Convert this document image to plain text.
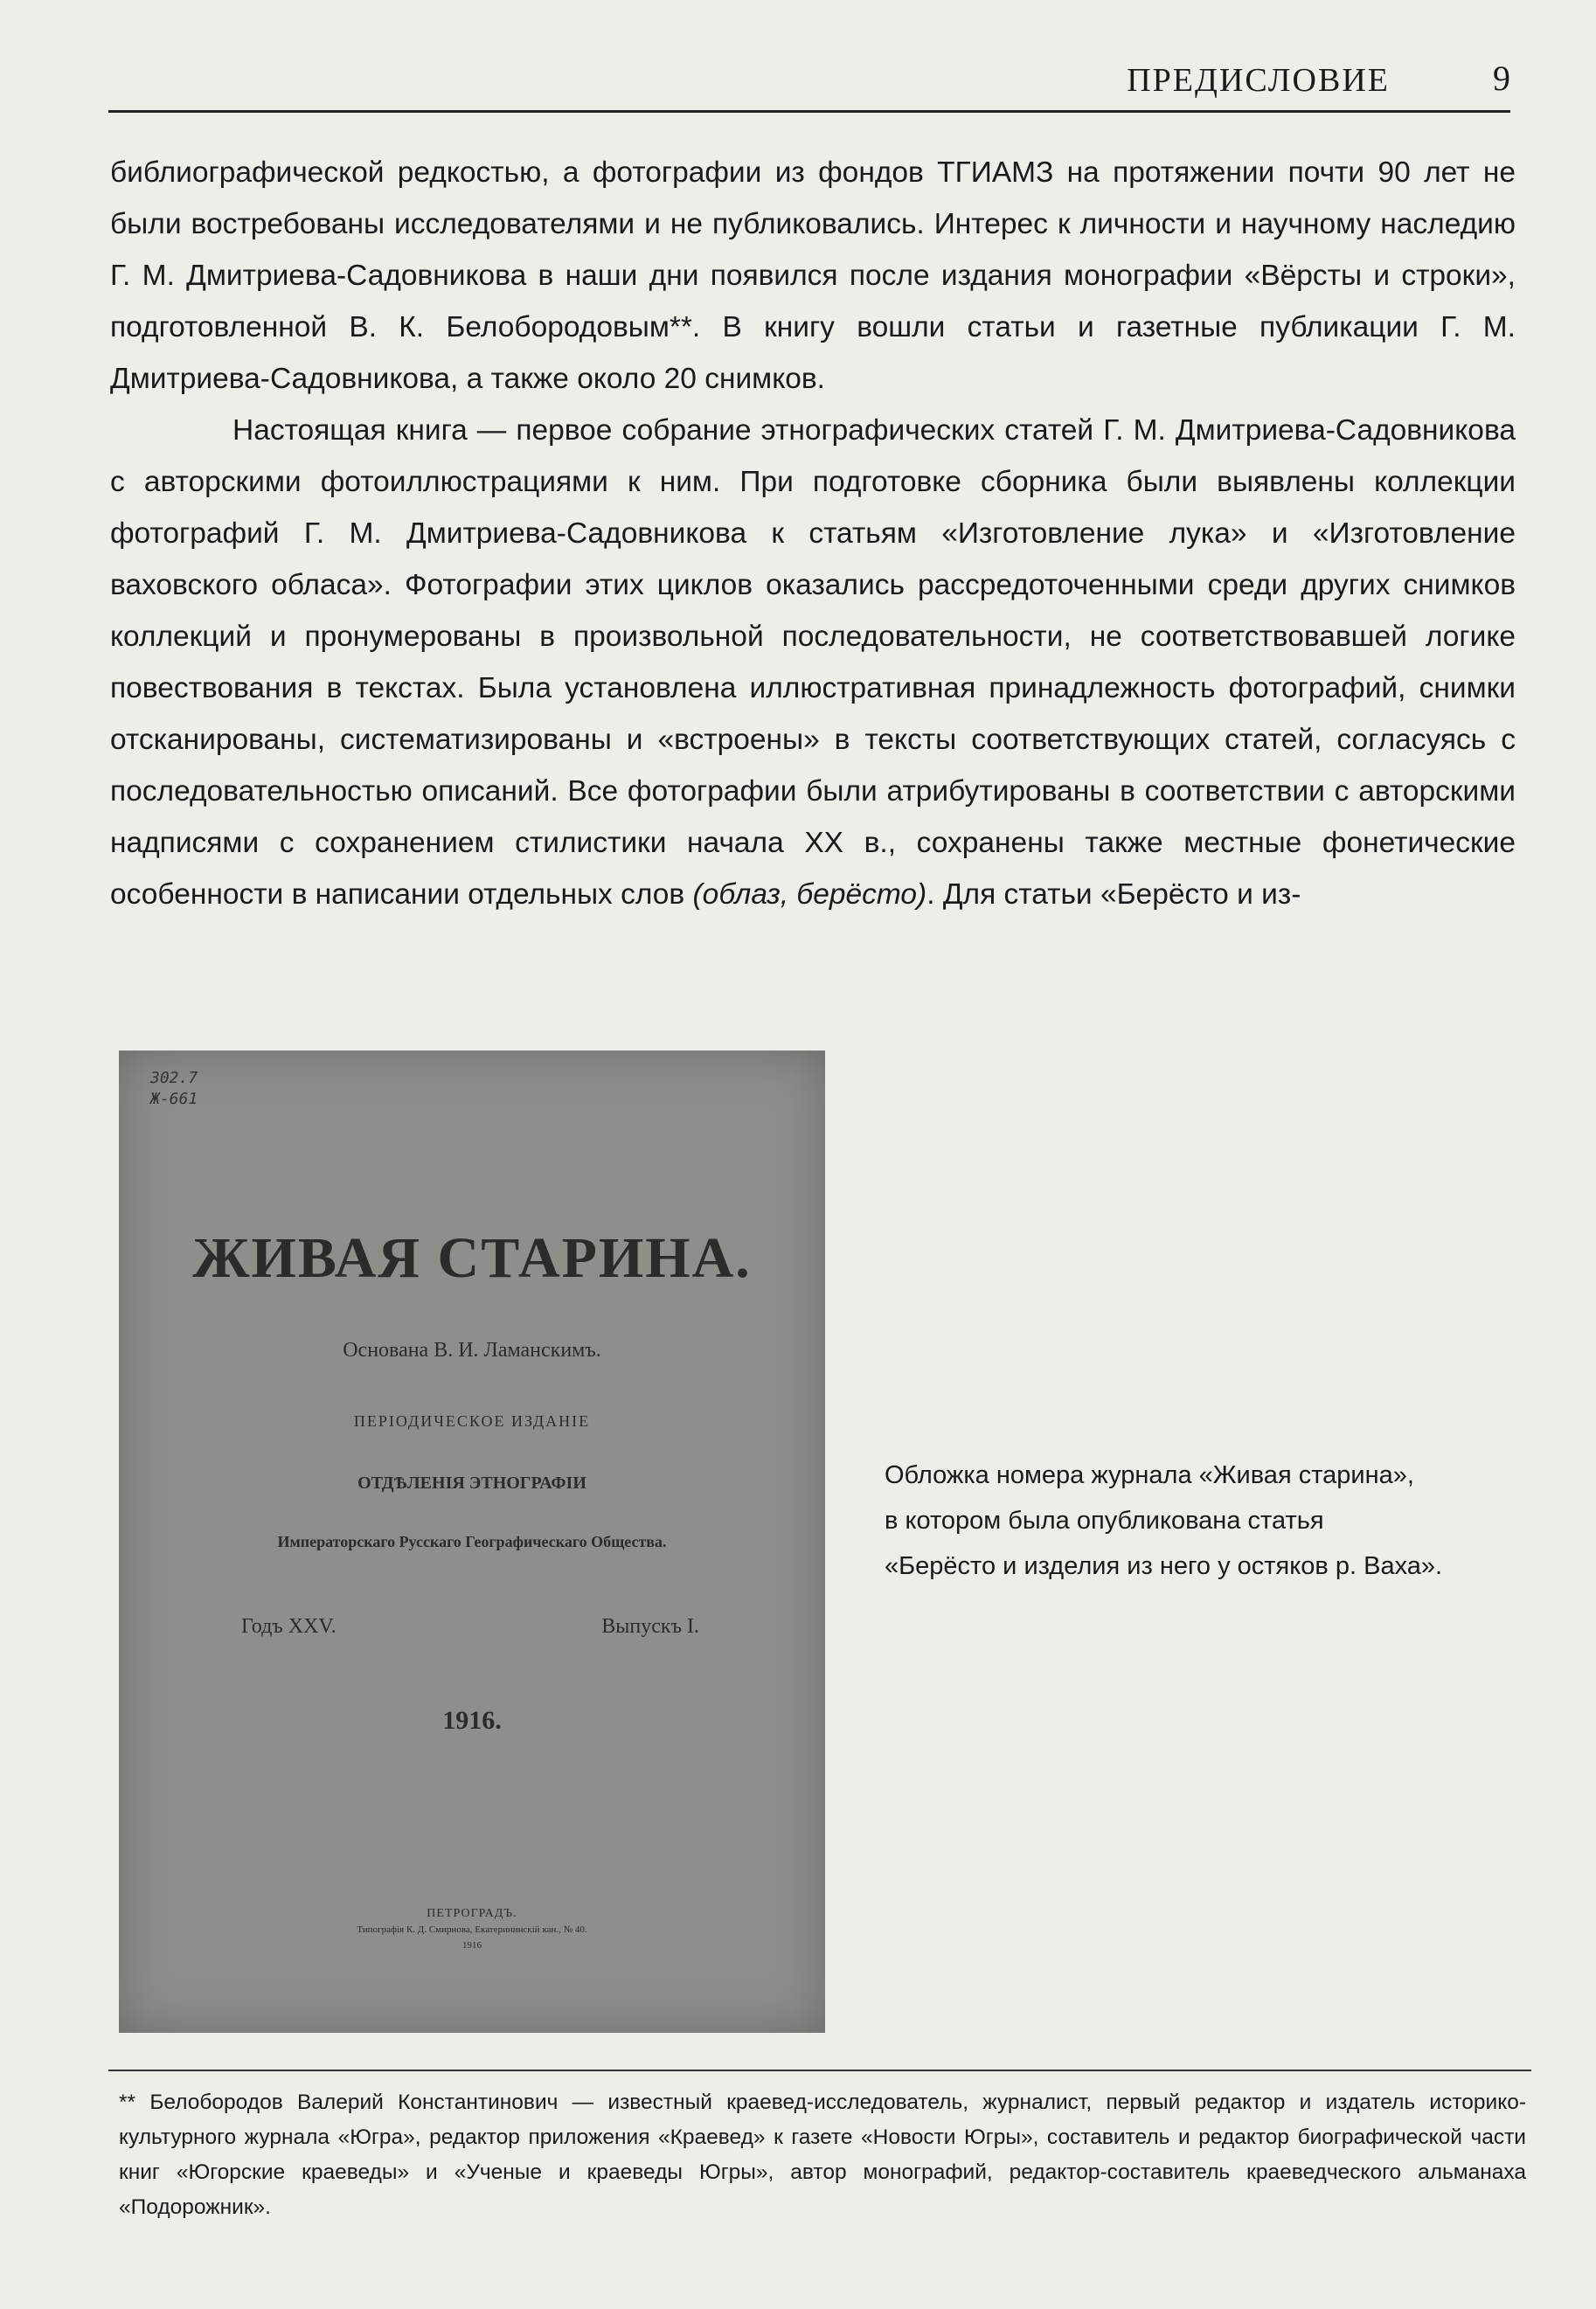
ПРЕДИСЛОВИЕ	9

библиографической редкостью, а фотографии из фондов ТГИАМЗ на протяжении почти 90 лет не были востребованы исследователями и не публиковались. Интерес к личности и научному наследию Г. М. Дмитриева-Садовникова в наши дни появился после издания монографии «Вёрсты и строки», подготовленной В. К. Белобородовым**. В книгу вошли статьи и газетные публикации Г. М. Дмитриева-Садовникова, а также около 20 снимков.

Настоящая книга — первое собрание этнографических статей Г. М. Дмитриева-Садовникова с авторскими фотоиллюстрациями к ним. При подготовке сборника были выявлены коллекции фотографий Г. М. Дмитриева-Садовникова к статьям «Изготовление лука» и «Изготовление ваховского обласа». Фотографии этих циклов оказались рассредоточенными среди других снимков коллекций и пронумерованы в произвольной последовательности, не соответствовавшей логике повествования в текстах. Была установлена иллюстративная принадлежность фотографий, снимки отсканированы, систематизированы и «встроены» в тексты соответствующих статей, согласуясь с последовательностью описаний. Все фотографии были атрибутированы в соответствии с авторскими надписями с сохранением стилистики начала XX в., сохранены также местные фонетические особенности в написании отдельных слов (облаз, берёсто). Для статьи «Берёсто и из-

302.7
Ж-661
ЖИВАЯ СТАРИНА.
Основана В. И. Ламанскимъ.
ПЕРІОДИЧЕСКОЕ ИЗДАНІЕ
ОТДѢЛЕНІЯ ЭТНОГРАФІИ
Императорскаго Русскаго Географическаго Общества.
Годъ XXV.	Выпускъ I.
1916.
ПЕТРОГРАДЪ.
Типографія К. Д. Смирнова, Екатерининскій кан., № 40.
1916
Обложка номера журнала «Живая старина»,
в котором была опубликована статья
«Берёсто и изделия из него у остяков р. Ваха».
** Белобородов Валерий Константинович — известный краевед-исследователь, журналист, первый редактор и издатель историко-культурного журнала «Югра», редактор приложения «Краевед» к газете «Новости Югры», составитель и редактор биографической части книг «Югорские краеведы» и «Ученые и краеведы Югры», автор монографий, редактор-составитель краеведческого альманаха «Подорожник».
